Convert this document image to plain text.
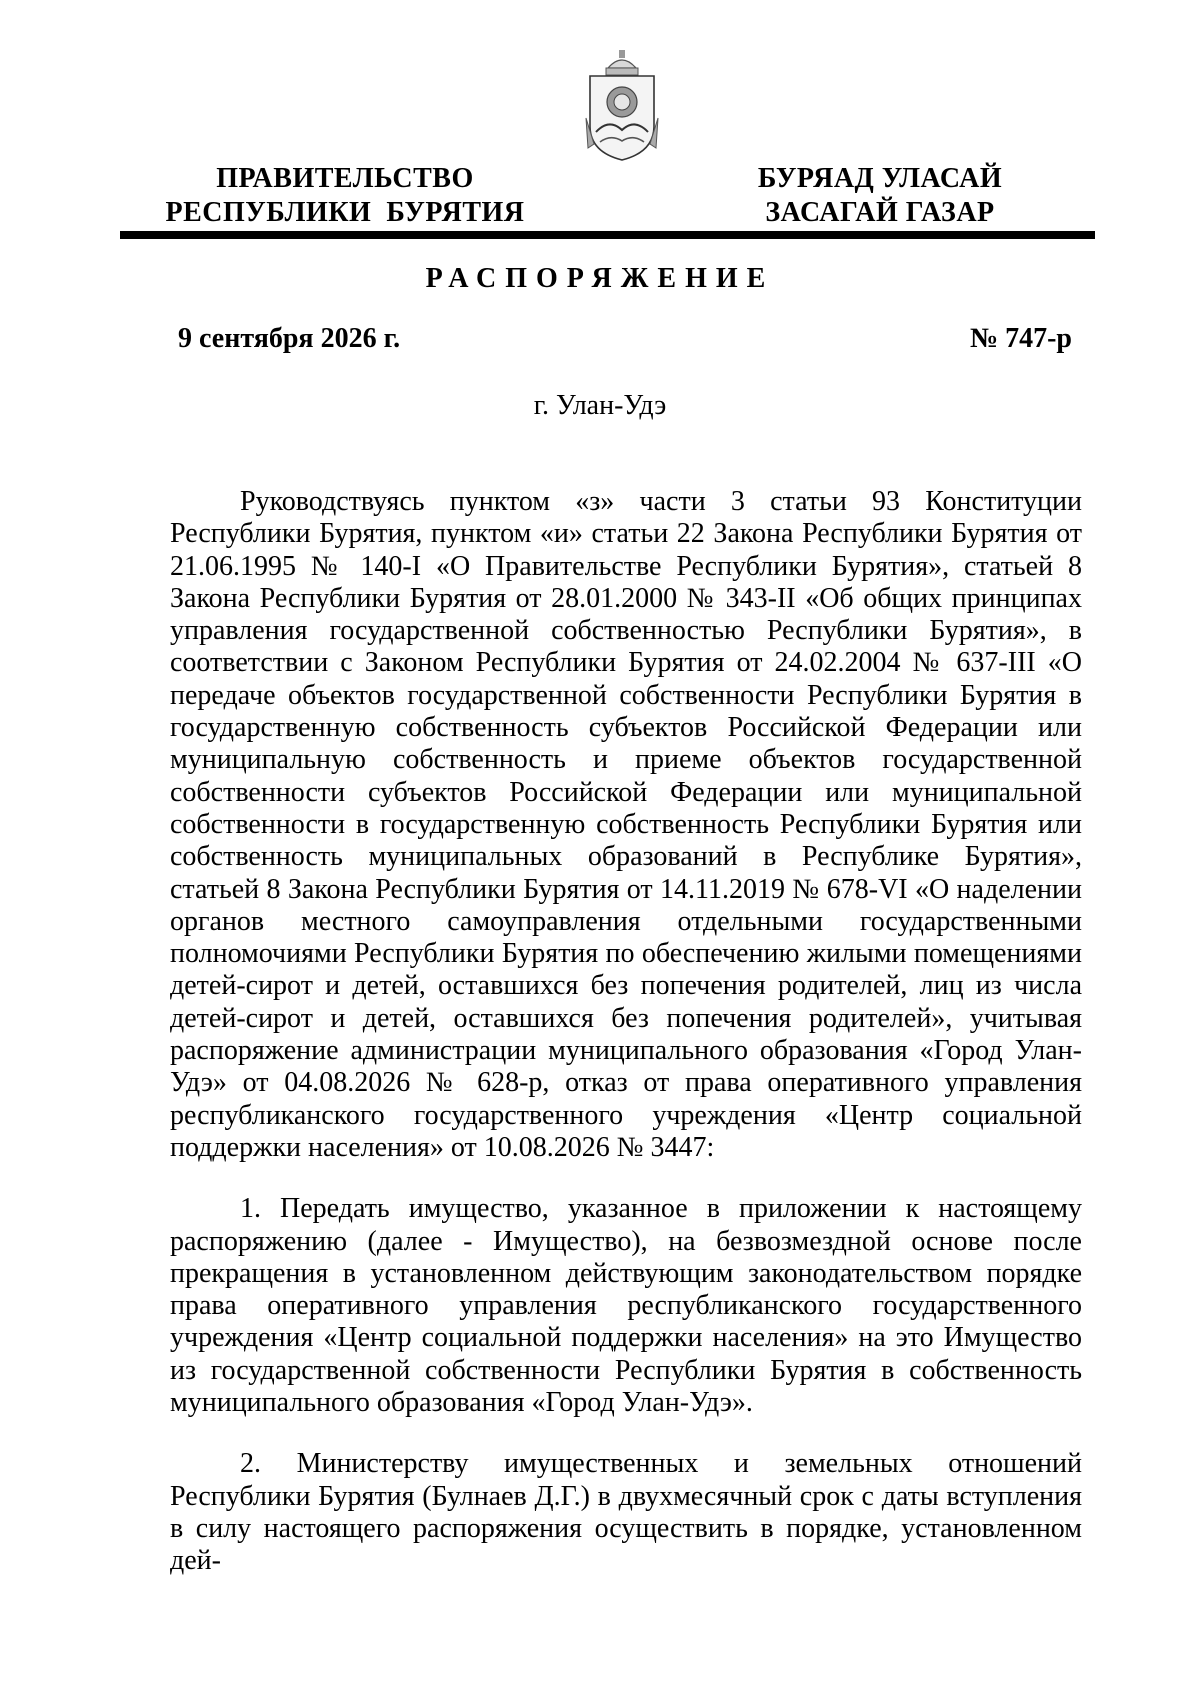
ПРАВИТЕЛЬСТВО
РЕСПУБЛИКИ  БУРЯТИЯ
БУРЯАД УЛАСАЙ
ЗАСАГАЙ ГАЗАР
РАСПОРЯЖЕНИЕ
9 сентября 2026 г.	№ 747-р
г. Улан-Удэ

Руководствуясь пунктом «з» части 3 статьи 93 Конституции Республики Бурятия, пунктом «и» статьи 22 Закона Республики Бурятия от 21.06.1995 № 140-I «О Правительстве Республики Бурятия», статьей 8 Закона Республики Бурятия от 28.01.2000 № 343-II «Об общих принципах управления государственной собственностью Республики Бурятия», в соответствии с Законом Республики Бурятия от 24.02.2004 № 637-III «О передаче объектов государственной собственности Республики Бурятия в государственную собственность субъектов Российской Федерации или муниципальную собственность и приеме объектов государственной собственности субъектов Российской Федерации или муниципальной собственности в государственную собственность Республики Бурятия или собственность муниципальных образований в Республике Бурятия», статьей 8 Закона Республики Бурятия от 14.11.2019 № 678-VI «О наделении органов местного самоуправления отдельными государственными полномочиями Республики Бурятия по обеспечению жилыми помещениями детей-сирот и детей, оставшихся без попечения родителей, лиц из числа детей-сирот и детей, оставшихся без попечения родителей», учитывая распоряжение администрации муниципального образования «Город Улан-Удэ» от 04.08.2026 № 628-р, отказ от права оперативного управления республиканского государственного учреждения «Центр социальной поддержки населения» от 10.08.2026 № 3447:

1. Передать имущество, указанное в приложении к настоящему распоряжению (далее - Имущество), на безвозмездной основе после прекращения в установленном действующим законодательством порядке права оперативного управления республиканского государственного учреждения «Центр социальной поддержки населения» на это Имущество из государственной собственности Республики Бурятия в собственность муниципального образования «Город Улан-Удэ».

2. Министерству имущественных и земельных отношений Республики Бурятия (Булнаев Д.Г.) в двухмесячный срок с даты вступления в силу настоящего распоряжения осуществить в порядке, установленном дей-
